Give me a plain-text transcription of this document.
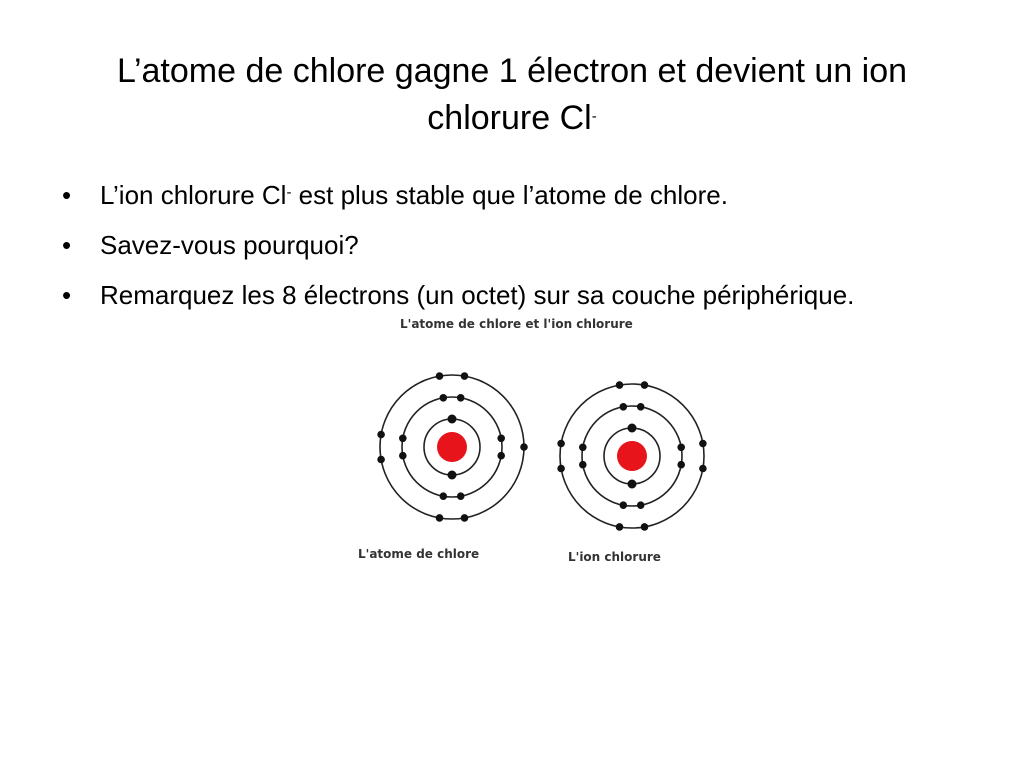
L’atome de chlore gagne 1 électron et devient un ion chlorure Cl-
• L’ion chlorure Cl- est plus stable que l’atome de chlore.
• Savez-vous pourquoi?
• Remarquez les 8 électrons (un octet) sur sa couche périphérique.
L'atome de chlore et l'ion chlorure
L'atome de chlore	L'ion chlorure
